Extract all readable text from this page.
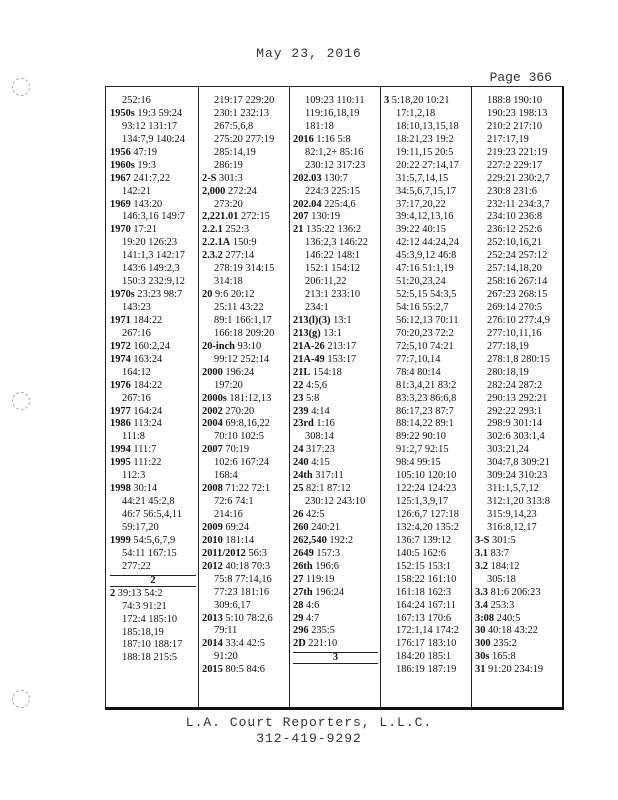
May 23, 2016
Page 366
252:16
1950s 19:3 59:24
93:12 131:17
134:7,9 140:24
1956 47:19
1960s 19:3
1967 241:7,22
142:21
1969 143:20
146:3,16 149:7
1970 17:21
19:20 126:23
141:1,3 142:17
143:6 149:2,3
150:3 232:9,12
1970s 23:23 98:7
143:23
1971 184:22
267:16
1972 160:2,24
1974 163:24
164:12
1976 184:22
267:16
1977 164:24
1986 113:24
111:8
1994 111:7
1995 111:22
112:3
1998 30:14
44:21 45:2,8
46:7 56:5,4,11
59:17,20
1999 54:5,6,7,9
54:11 167:15
277:22
2
2 39:13 54:2
74:3 91:21
172:4 185:10
185:18,19
187:10 188:17
188:18 215:5
219:17 229:20
230:1 232:13
267:5,6,8
275:20 277:19
285:14,19
286:19
2-S 301:3
2,000 272:24
273:20
2,221.01 272:15
2.2.1 252:3
2.2.1A 150:9
2.3.2 277:14
278:19 314:15
314:18
20 9:6 20:12
25:11 43:22
89:1 166:1,17
166:18 209:20
20-inch 93:10
99:12 252:14
2000 196:24
197:20
2000s 181:12,13
2002 270:20
2004 69:8,16,22
70:10 102:5
2007 70:19
102:6 167:24
168:4
2008 71:22 72:1
72:6 74:1
214:16
2009 69:24
2010 181:14
2011/2012 56:3
2012 40:18 70:3
75:8 77:14,16
77:23 181:16
309:6,17
2013 5:10 78:2,6
79:11
2014 33:4 42:5
91:20
2015 80:5 84:6
109:23 110:11
119:16,18,19
181:18
2016 1:16 5:8
82:1,2+ 85:16
230:12 317:23
202.03 130:7
224:3 225:15
202.04 225:4,6
207 130:19
21 135:22 136:2
136:2,3 146:22
146:22 148:1
152:1 154:12
206:11,22
213:1 233:10
234:1
213(l)(3) 13:1
213(g) 13:1
21A-26 213:17
21A-49 153:17
21L 154:18
22 4:5,6
23 5:8
239 4:14
23rd 1:16
308:14
24 317:23
240 4:15
24th 317:11
25 82:1 87:12
230:12 243:10
26 42:5
260 240:21
262,540 192:2
2649 157:3
26th 196:6
27 119:19
27th 196:24
28 4:6
29 4:7
296 235:5
2D 221:10
3
3 5:18,20 10:21
17:1,2,18
18:10,13,15,18
18:21,23 19:2
19:11,15 20:5
20:22 27:14,17
31:5,7,14,15
34:5,6,7,15,17
37:17,20,22
39:4,12,13,16
39:22 40:15
42:12 44:24,24
45:3,9,12 46:8
47:16 51:1,19
51:20,23,24
52:5,15 54:3,5
54:16 55:2,7
56:12,13 70:11
70:20,23 72:2
72:5,10 74:21
77:7,10,14
78:4 80:14
81:3,4,21 83:2
83:3,23 86:6,8
86:17,23 87:7
88:14,22 89:1
89:22 90:10
91:2,7 92:15
98:4 99:15
105:10 120:10
122:24 124:23
125:1,3,9,17
126:6,7 127:18
132:4,20 135:2
136:7 139:12
140:5 162:6
152:15 153:1
158:22 161:10
161:18 162:3
164:24 167:11
167:13 170:6
172:1,14 174:2
176:17 183:10
184:20 185:1
186:19 187:19
188:8 190:10
190:23 198:13
210:2 217:10
217:17,19
219:23 221:19
227:2 229:17
229:21 230:2,7
230:8 231:6
232:11 234:3,7
234:10 236:8
236:12 252:6
252:10,16,21
252:24 257:12
257:14,18,20
258:16 267:14
267:23 268:15
269:14 270:5
276:10 277:4,9
277:10,11,16
277:18,19
278:1,8 280:15
280:18,19
282:24 287:2
290:13 292:21
292:22 293:1
298:9 301:14
302:6 303:1,4
303:21,24
304:7,8 309:21
309:24 310:23
311:1,5,7,12
312:1,20 313:8
315:9,14,23
316:8,12,17
3-S 301:5
3.1 83:7
3.2 184:12
305:18
3.3 81:6 206:23
3.4 253:3
3:08 240:5
30 40:18 43:22
300 235:2
30s 165:8
31 91:20 234:19
L.A. Court Reporters, L.L.C.
312-419-9292
